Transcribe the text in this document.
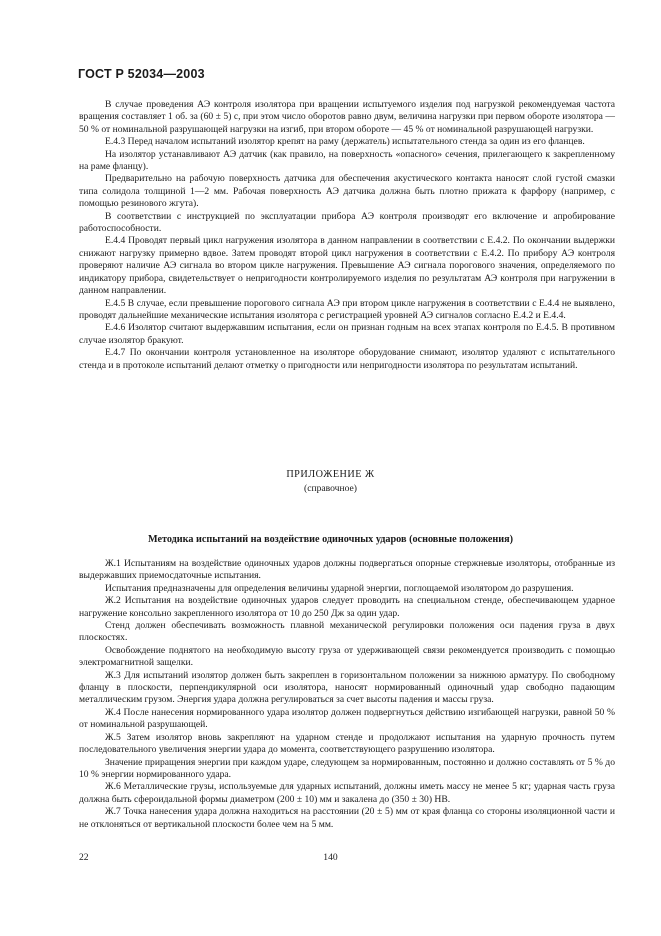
ГОСТ Р 52034—2003

В случае проведения АЭ контроля изолятора при вращении испытуемого изделия под нагрузкой рекомендуемая частота вращения составляет 1 об. за (60 ± 5) с, при этом число оборотов равно двум, величина нагрузки при первом обороте изолятора — 50 % от номинальной разрушающей нагрузки на изгиб, при втором обороте — 45 % от номинальной разрушающей нагрузки.

Е.4.3 Перед началом испытаний изолятор крепят на раму (держатель) испытательного стенда за один из его фланцев.

На изолятор устанавливают АЭ датчик (как правило, на поверхность «опасного» сечения, прилегающего к закрепленному на раме фланцу).

Предварительно на рабочую поверхность датчика для обеспечения акустического контакта наносят слой густой смазки типа солидола толщиной 1—2 мм. Рабочая поверхность АЭ датчика должна быть плотно прижата к фарфору (например, с помощью резинового жгута).

В соответствии с инструкцией по эксплуатации прибора АЭ контроля производят его включение и апробирование работоспособности.

Е.4.4 Проводят первый цикл нагружения изолятора в данном направлении в соответствии с Е.4.2. По окончании выдержки снижают нагрузку примерно вдвое. Затем проводят второй цикл нагружения в соответствии с Е.4.2. По прибору АЭ контроля проверяют наличие АЭ сигнала во втором цикле нагружения. Превышение АЭ сигнала порогового значения, определяемого по индикатору прибора, свидетельствует о непригодности контролируемого изделия по результатам АЭ контроля при нагружении в данном направлении.

Е.4.5 В случае, если превышение порогового сигнала АЭ при втором цикле нагружения в соответствии с Е.4.4 не выявлено, проводят дальнейшие механические испытания изолятора с регистрацией уровней АЭ сигналов согласно Е.4.2 и Е.4.4.

Е.4.6 Изолятор считают выдержавшим испытания, если он признан годным на всех этапах контроля по Е.4.5. В противном случае изолятор бракуют.

Е.4.7 По окончании контроля установленное на изоляторе оборудование снимают, изолятор удаляют с испытательного стенда и в протоколе испытаний делают отметку о пригодности или непригодности изолятора по результатам испытаний.

ПРИЛОЖЕНИЕ Ж
(справочное)
Методика испытаний на воздействие одиночных ударов (основные положения)

Ж.1 Испытаниям на воздействие одиночных ударов должны подвергаться опорные стержневые изоляторы, отобранные из выдержавших приемосдаточные испытания.

Испытания предназначены для определения величины ударной энергии, поглощаемой изолятором до разрушения.

Ж.2 Испытания на воздействие одиночных ударов следует проводить на специальном стенде, обеспечивающем ударное нагружение консольно закрепленного изолятора от 10 до 250 Дж за один удар.

Стенд должен обеспечивать возможность плавной механической регулировки положения оси падения груза в двух плоскостях.

Освобождение поднятого на необходимую высоту груза от удерживающей связи рекомендуется производить с помощью электромагнитной защелки.

Ж.3 Для испытаний изолятор должен быть закреплен в горизонтальном положении за нижнюю арматуру. По свободному фланцу в плоскости, перпендикулярной оси изолятора, наносят нормированный одиночный удар свободно падающим металлическим грузом. Энергия удара должна регулироваться за счет высоты падения и массы груза.

Ж.4 После нанесения нормированного удара изолятор должен подвергнуться действию изгибающей нагрузки, равной 50 % от номинальной разрушающей.

Ж.5 Затем изолятор вновь закрепляют на ударном стенде и продолжают испытания на ударную прочность путем последовательного увеличения энергии удара до момента, соответствующего разрушению изолятора.

Значение приращения энергии при каждом ударе, следующем за нормированным, постоянно и должно составлять от 5 % до 10 % энергии нормированного удара.

Ж.6 Металлические грузы, используемые для ударных испытаний, должны иметь массу не менее 5 кг; ударная часть груза должна быть сфероидальной формы диаметром (200 ± 10) мм и закалена до (350 ± 30) НВ.

Ж.7 Точка нанесения удара должна находиться на расстоянии (20 ± 5) мм от края фланца со стороны изоляционной части и не отклоняться от вертикальной плоскости более чем на 5 мм.

22	140
